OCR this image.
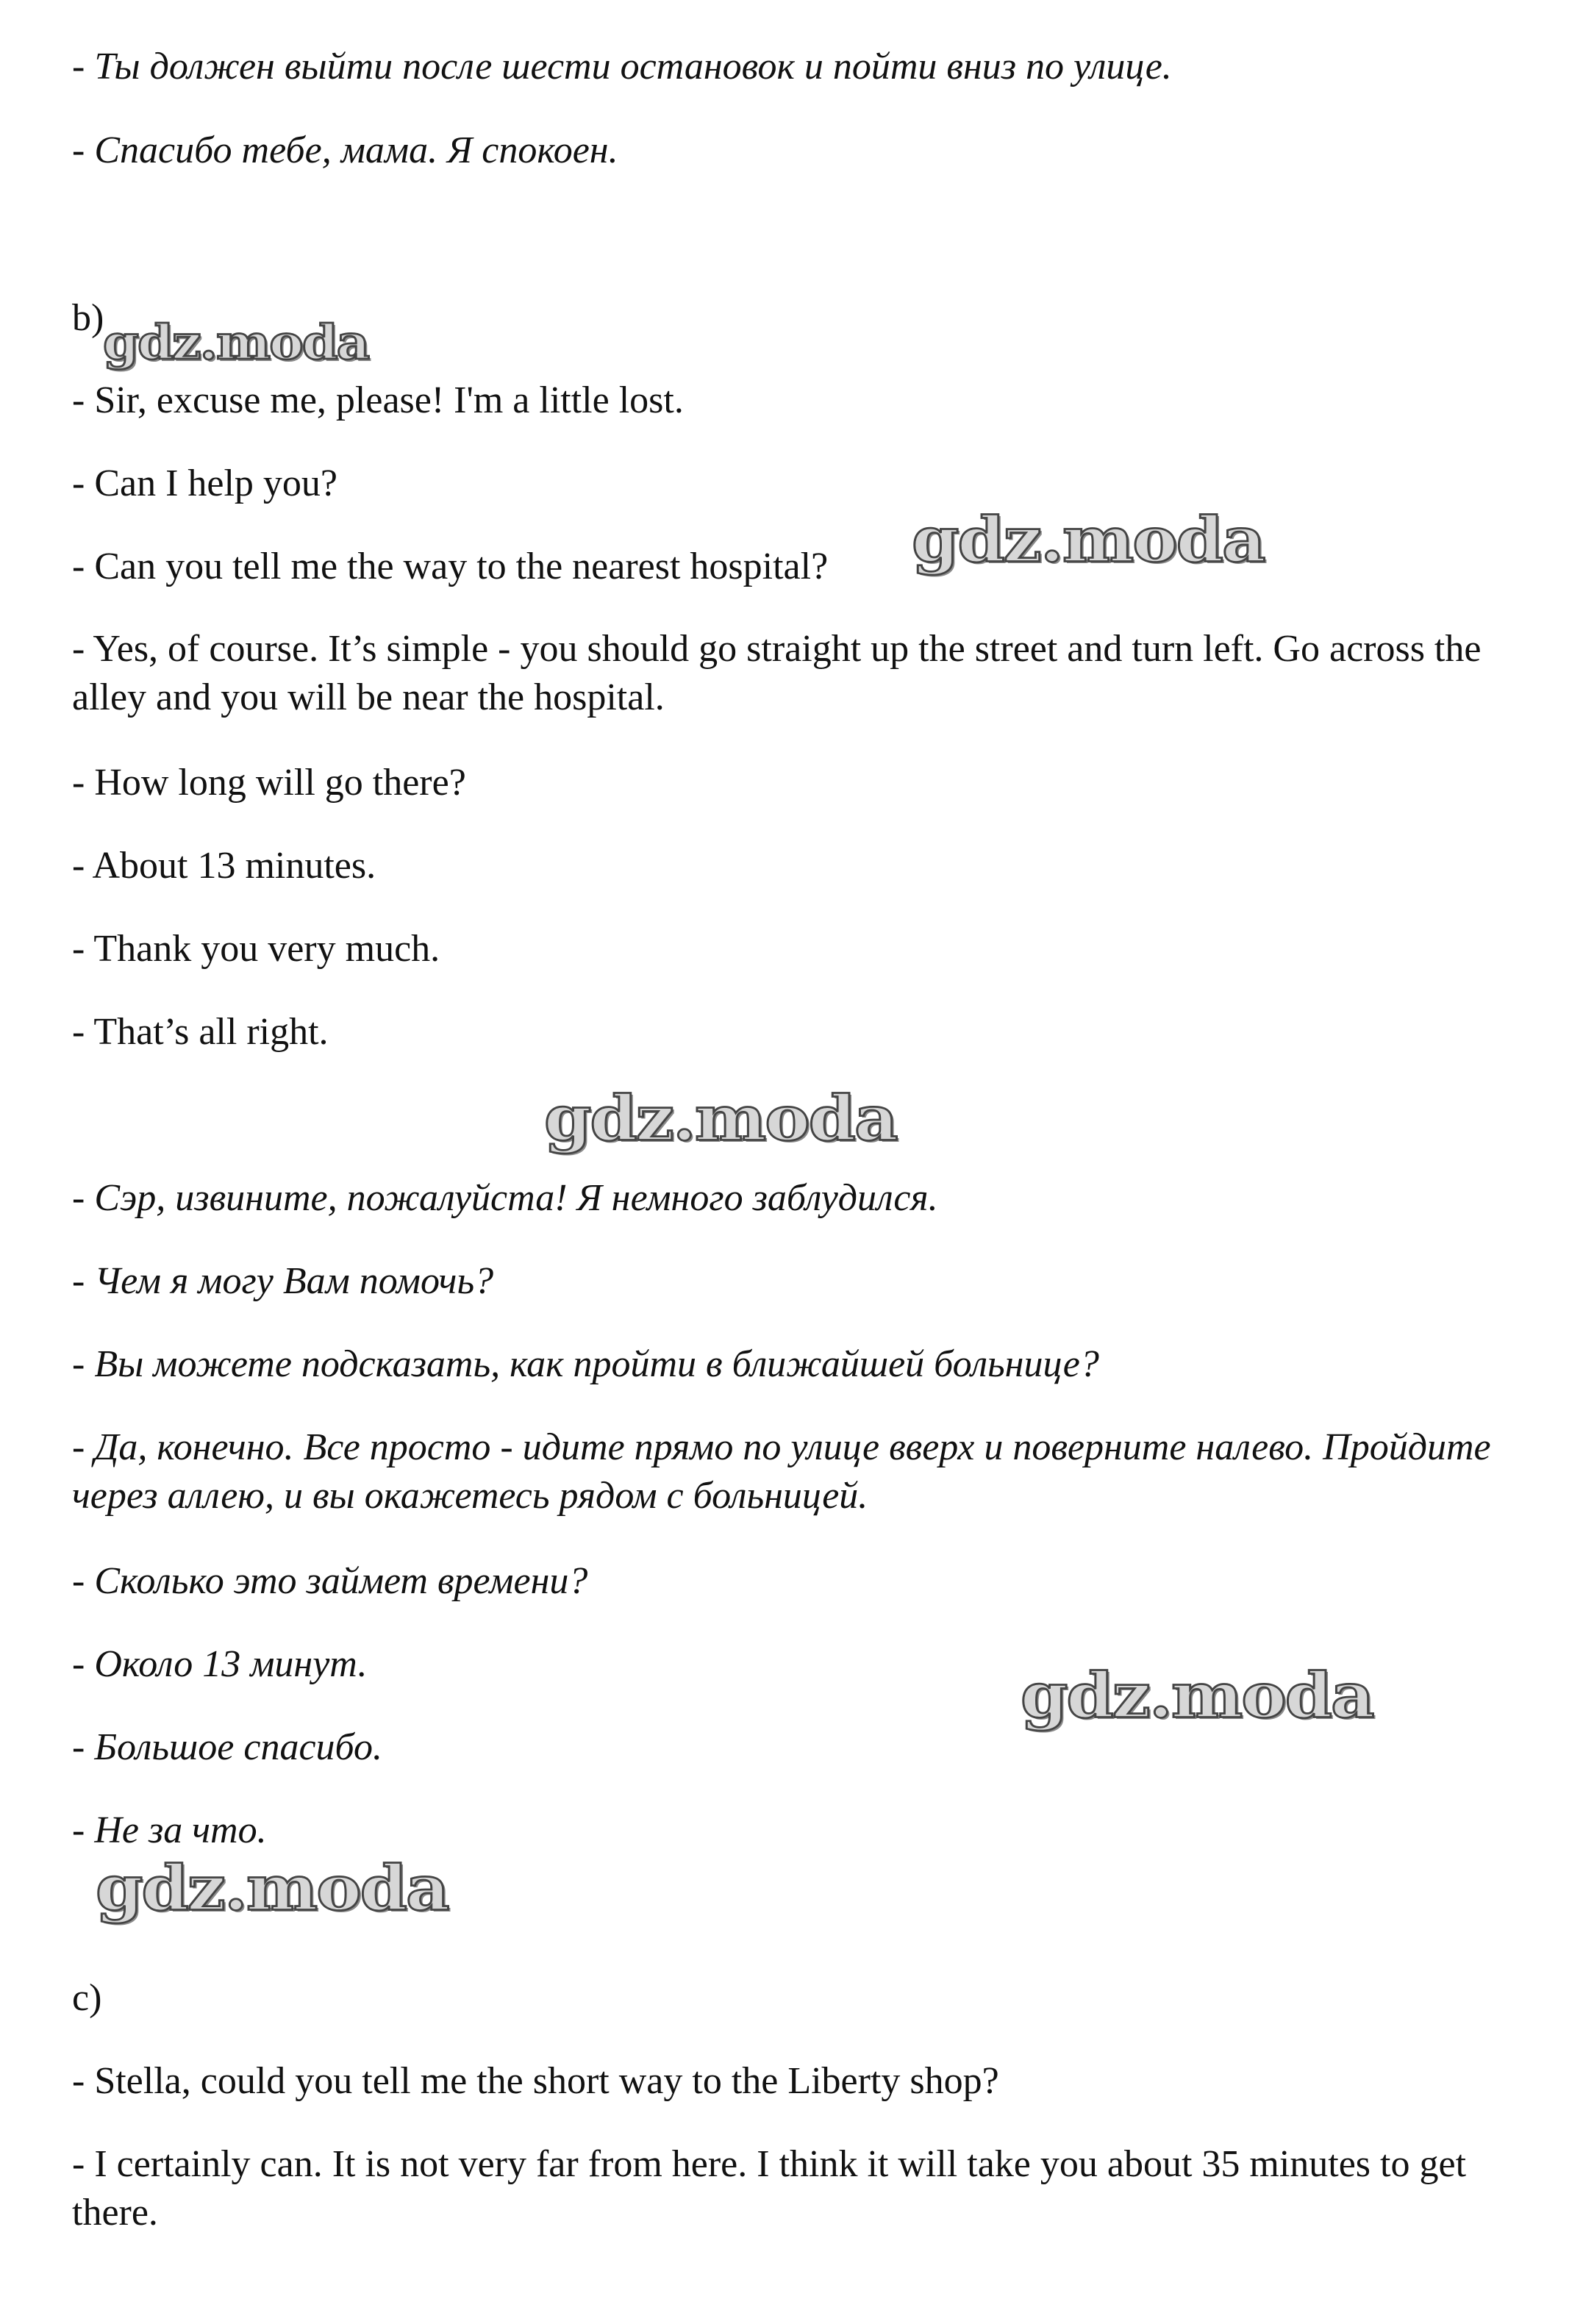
- Ты должен выйти после шести остановок и пойти вниз по улице.
- Спасибо тебе, мама. Я спокоен.
b)
gdz.moda
- Sir, excuse me, please! I'm a little lost.
- Can I help you?
- Can you tell me the way to the nearest hospital? gdz.moda
- Yes, of course. It’s simple - you should go straight up the street and turn left. Go across the alley and you will be near the hospital.
- How long will go there?
- About 13 minutes.
- Thank you very much.
- That’s all right.
gdz.moda
- Сэр, извините, пожалуйста! Я немного заблудился.
- Чем я могу Вам помочь?
- Вы можете подсказать, как пройти в ближайшей больнице?
- Да, конечно. Все просто - идите прямо по улице вверх и поверните налево. Пройдите через аллею, и вы окажетесь рядом с больницей.
- Сколько это займет времени?
- Около 13 минут.	gdz.moda
- Большое спасибо.
- Не за что.
gdz.moda
c)
- Stella, could you tell me the short way to the Liberty shop?
- I certainly can. It is not very far from here. I think it will take you about 35 minutes to get there.
